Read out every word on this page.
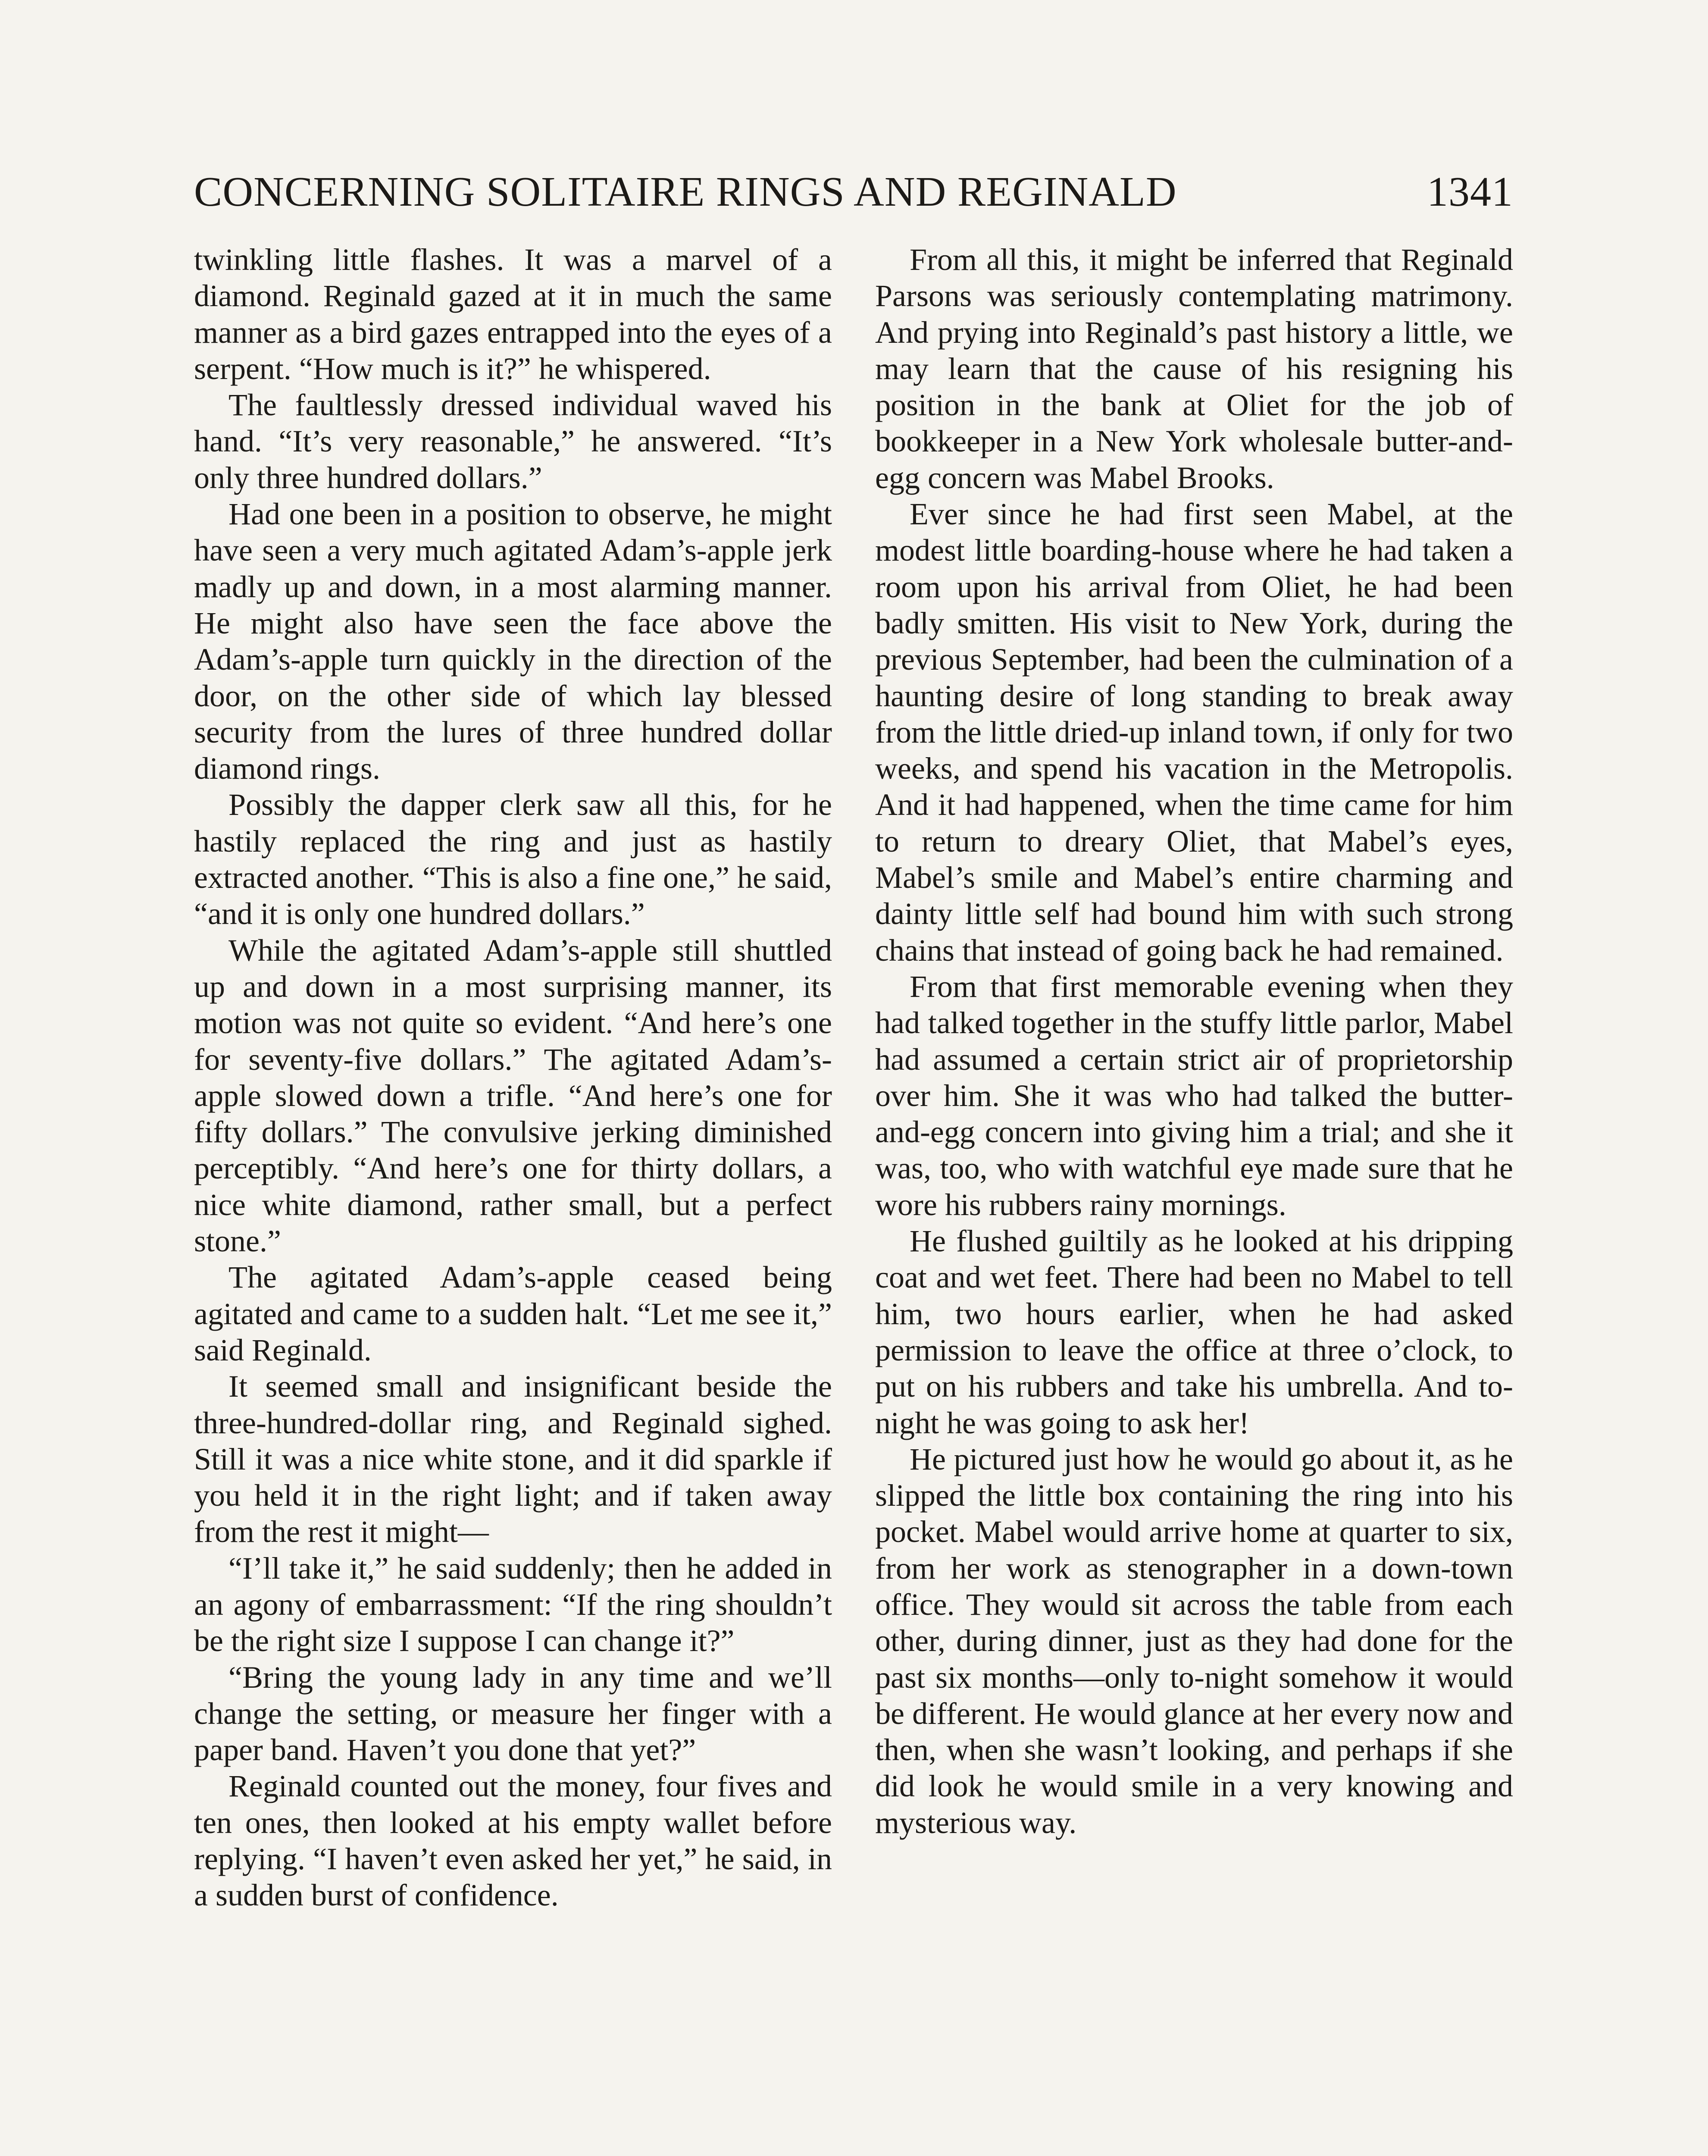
CONCERNING SOLITAIRE RINGS AND REGINALD	1341

twinkling little flashes. It was a marvel of a diamond. Reginald gazed at it in much the same manner as a bird gazes entrapped into the eyes of a serpent. “How much is it?” he whispered.

The faultlessly dressed individual waved his hand. “It’s very reasonable,” he answered. “It’s only three hundred dollars.”

Had one been in a position to observe, he might have seen a very much agitated Adam’s-apple jerk madly up and down, in a most alarming manner. He might also have seen the face above the Adam’s-apple turn quickly in the direction of the door, on the other side of which lay blessed security from the lures of three hundred dollar diamond rings.

Possibly the dapper clerk saw all this, for he hastily replaced the ring and just as hastily extracted another. “This is also a fine one,” he said, “and it is only one hundred dollars.”

While the agitated Adam’s-apple still shuttled up and down in a most surprising manner, its motion was not quite so evident. “And here’s one for seventy-five dollars.” The agitated Adam’s-apple slowed down a trifle. “And here’s one for fifty dollars.” The convulsive jerking diminished perceptibly. “And here’s one for thirty dollars, a nice white diamond, rather small, but a perfect stone.”

The agitated Adam’s-apple ceased being agitated and came to a sudden halt. “Let me see it,” said Reginald.

It seemed small and insignificant beside the three-hundred-dollar ring, and Reginald sighed. Still it was a nice white stone, and it did sparkle if you held it in the right light; and if taken away from the rest it might—

“I’ll take it,” he said suddenly; then he added in an agony of embarrassment: “If the ring shouldn’t be the right size I suppose I can change it?”

“Bring the young lady in any time and we’ll change the setting, or measure her finger with a paper band. Haven’t you done that yet?”

Reginald counted out the money, four fives and ten ones, then looked at his empty wallet before replying. “I haven’t even asked her yet,” he said, in a sudden burst of confidence.

From all this, it might be inferred that Reginald Parsons was seriously contemplating matrimony. And prying into Reginald’s past history a little, we may learn that the cause of his resigning his position in the bank at Oliet for the job of bookkeeper in a New York wholesale butter-and-egg concern was Mabel Brooks.

Ever since he had first seen Mabel, at the modest little boarding-house where he had taken a room upon his arrival from Oliet, he had been badly smitten. His visit to New York, during the previous September, had been the culmination of a haunting desire of long standing to break away from the little dried-up inland town, if only for two weeks, and spend his vacation in the Metropolis. And it had happened, when the time came for him to return to dreary Oliet, that Mabel’s eyes, Mabel’s smile and Mabel’s entire charming and dainty little self had bound him with such strong chains that instead of going back he had remained.

From that first memorable evening when they had talked together in the stuffy little parlor, Mabel had assumed a certain strict air of proprietorship over him. She it was who had talked the butter-and-egg concern into giving him a trial; and she it was, too, who with watchful eye made sure that he wore his rubbers rainy mornings.

He flushed guiltily as he looked at his dripping coat and wet feet. There had been no Mabel to tell him, two hours earlier, when he had asked permission to leave the office at three o’clock, to put on his rubbers and take his umbrella. And to-night he was going to ask her!

He pictured just how he would go about it, as he slipped the little box containing the ring into his pocket. Mabel would arrive home at quarter to six, from her work as stenographer in a down-town office. They would sit across the table from each other, during dinner, just as they had done for the past six months—only to-night somehow it would be different. He would glance at her every now and then, when she wasn’t looking, and perhaps if she did look he would smile in a very knowing and mysterious way.
